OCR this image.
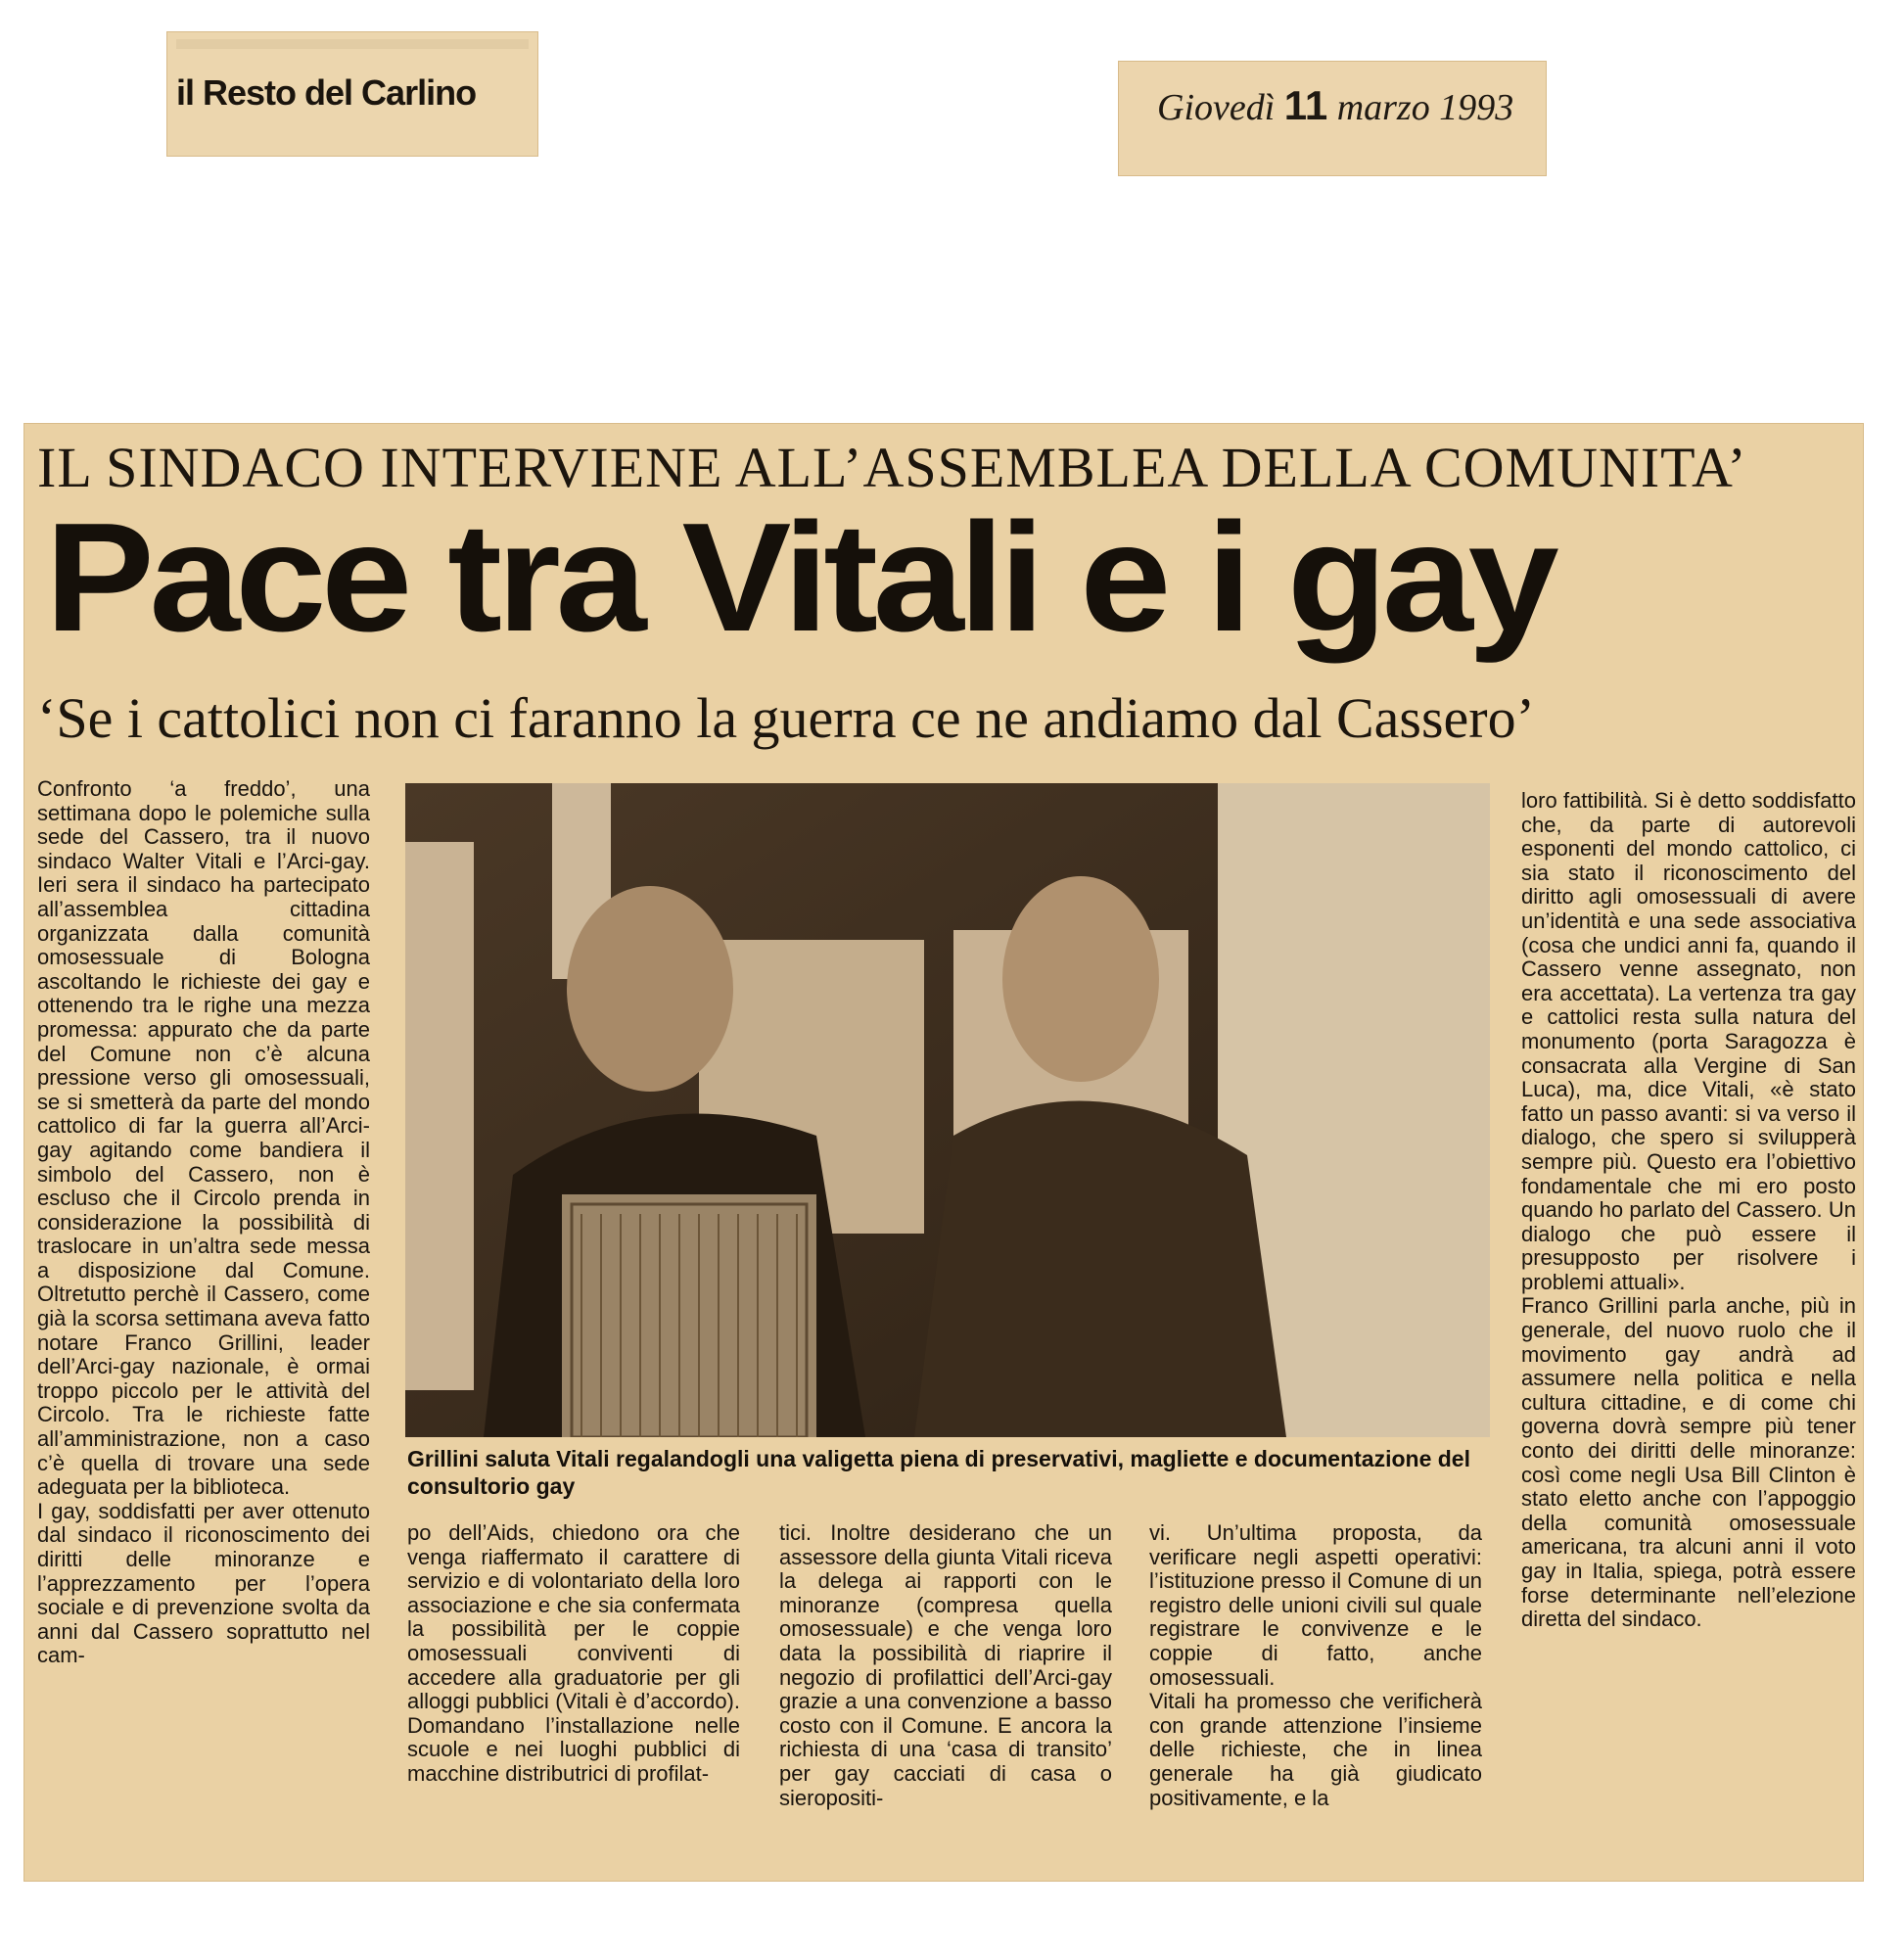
il Resto del Carlino	Giovedì 11 marzo 1993
IL SINDACO INTERVIENE ALL’ASSEMBLEA DELLA COMUNITA’
Pace tra Vitali e i gay
‘Se i cattolici non ci faranno la guerra ce ne andiamo dal Cassero’

Confronto ‘a freddo’, una settimana dopo le polemiche sulla sede del Cassero, tra il nuovo sindaco Walter Vitali e l’Arci-gay. Ieri sera il sindaco ha partecipato all’assemblea cittadina organizzata dalla comunità omosessuale di Bologna ascoltando le richieste dei gay e ottenendo tra le righe una mezza promessa: appurato che da parte del Comune non c’è alcuna pressione verso gli omosessuali, se si smetterà da parte del mondo cattolico di far la guerra all’Arci-gay agitando come bandiera il simbolo del Cassero, non è escluso che il Circolo prenda in considerazione la possibilità di traslocare in un’altra sede messa a disposizione dal Comune. Oltretutto perchè il Cassero, come già la scorsa settimana aveva fatto notare Franco Grillini, leader dell’Arci-gay nazionale, è ormai troppo piccolo per le attività del Circolo. Tra le richieste fatte all’amministrazione, non a caso c’è quella di trovare una sede adeguata per la biblioteca.

I gay, soddisfatti per aver ottenuto dal sindaco il riconoscimento dei diritti delle minoranze e l’apprezzamento per l’opera sociale e di prevenzione svolta da anni dal Cassero soprattutto nel cam-

Grillini saluta Vitali regalandogli una valigetta piena di preservativi, magliette e documentazione del consultorio gay

po dell’Aids, chiedono ora che venga riaffermato il carattere di servizio e di volontariato della loro associazione e che sia confermata la possibilità per le coppie omosessuali conviventi di accedere alla graduatorie per gli alloggi pubblici (Vitali è d’accordo). Domandano l’installazione nelle scuole e nei luoghi pubblici di macchine distributrici di profilat-

tici. Inoltre desiderano che un assessore della giunta Vitali riceva la delega ai rapporti con le minoranze (compresa quella omosessuale) e che venga loro data la possibilità di riaprire il negozio di profilattici dell’Arci-gay grazie a una convenzione a basso costo con il Comune. E ancora la richiesta di una ‘casa di transito’ per gay cacciati di casa o sieropositi-

vi. Un’ultima proposta, da verificare negli aspetti operativi: l’istituzione presso il Comune di un registro delle unioni civili sul quale registrare le convivenze e le coppie di fatto, anche omosessuali.

Vitali ha promesso che verificherà con grande attenzione l’insieme delle richieste, che in linea generale ha già giudicato positivamente, e la

loro fattibilità. Si è detto soddisfatto che, da parte di autorevoli esponenti del mondo cattolico, ci sia stato il riconoscimento del diritto agli omosessuali di avere un’identità e una sede associativa (cosa che undici anni fa, quando il Cassero venne assegnato, non era accettata). La vertenza tra gay e cattolici resta sulla natura del monumento (porta Saragozza è consacrata alla Vergine di San Luca), ma, dice Vitali, «è stato fatto un passo avanti: si va verso il dialogo, che spero si svilupperà sempre più. Questo era l’obiettivo fondamentale che mi ero posto quando ho parlato del Cassero. Un dialogo che può essere il presupposto per risolvere i problemi attuali».

Franco Grillini parla anche, più in generale, del nuovo ruolo che il movimento gay andrà ad assumere nella politica e nella cultura cittadine, e di come chi governa dovrà sempre più tener conto dei diritti delle minoranze: così come negli Usa Bill Clinton è stato eletto anche con l’appoggio della comunità omosessuale americana, tra alcuni anni il voto gay in Italia, spiega, potrà essere forse determinante nell’elezione diretta del sindaco.
